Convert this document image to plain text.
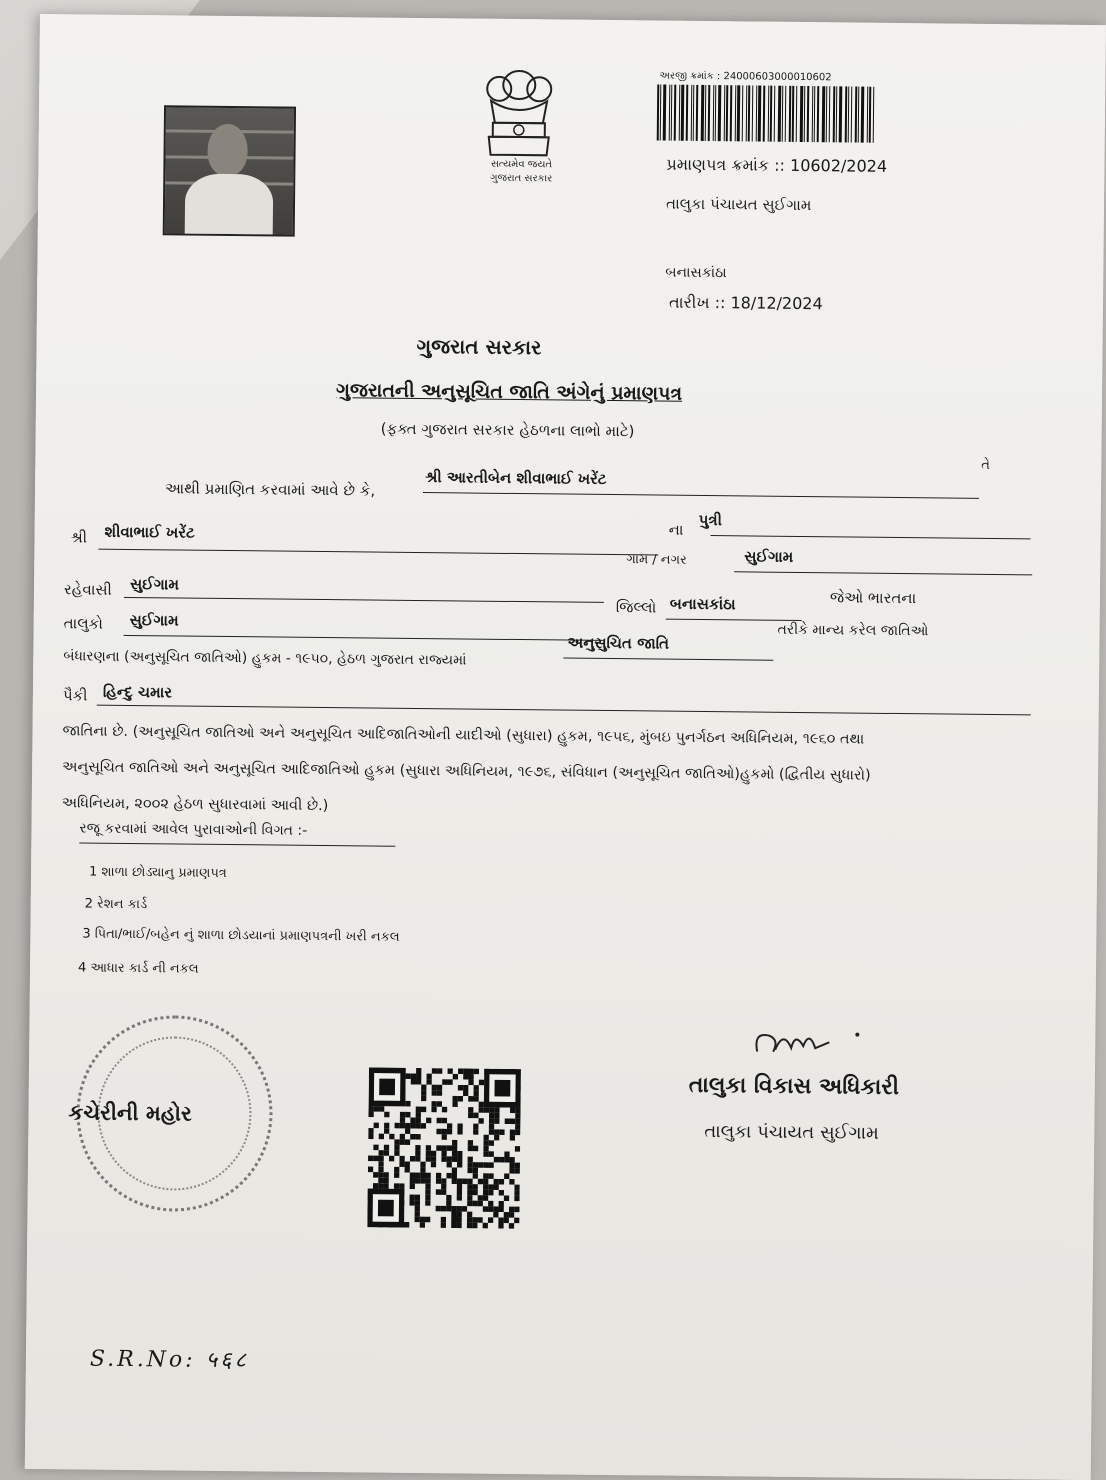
સત્યમેવ જયતે
ગુજરાત સરકાર
અરજી ક્રમાંક : 24000603000010602
પ્રમાણપત્ર ક્રમાંક :: 10602/2024
તાલુકા પંચાયત સુઈગામ
બનાસકાંઠા
તારીખ :: 18/12/2024
ગુજરાત સરકાર
ગુજરાતની અનુસૂચિત જાતિ અંગેનું પ્રમાણપત્ર
(ફક્ત ગુજરાત સરકાર હેઠળના લાભો માટે)
આથી પ્રમાણિત કરવામાં આવે છે કે,
શ્રી આરતીબેન શીવાભાઈ ખરેંટ
તે
શ્રી શીવાભાઈ ખરેંટ	ના
પુત્રી
ગામ / નગર	સુઈગામ
રહેવાસી સુઈગામ
જિલ્લો બનાસકાંઠા	જેઓ ભારતના
તાલુકો સુઈગામ
બંધારણના (અનુસૂચિત જાતિઓ) હુકમ - ૧૯૫૦, હેઠળ ગુજરાત રાજ્યમાં
અનુસુચિત જાતિ
તરીકે માન્ય કરેલ જાતિઓ
પૈકી હિન્દુ ચમાર
જાતિના છે. (અનુસૂચિત જાતિઓ અને અનુસૂચિત આદિજાતિઓની યાદીઓ (સુધારા) હુકમ, ૧૯૫૬, મુંબઇ પુનર્ગઠન અધિનિયમ, ૧૯૬૦ તથા
અનુસૂચિત જાતિઓ અને અનુસૂચિત આદિજાતિઓ હુકમ (સુધારા અધિનિયમ, ૧૯૭૬, સંવિધાન (અનુસૂચિત જાતિઓ)હુકમો (દ્વિતીય સુધારો)
અધિનિયમ, ૨૦૦૨ હેઠળ સુધારવામાં આવી છે.)
રજૂ કરવામાં આવેલ પુરાવાઓની વિગત :-
1 શાળા છોડ્યાનુ પ્રમાણપત્ર
2 રેશન કાર્ડ
3 પિતા/ભાઈ/બહેન નું શાળા છોડયાનાં પ્રમાણપત્રની ખરી નકલ
4 આધાર કાર્ડ ની નકલ
કચેરીની મહોર
તાલુકા વિકાસ અધિકારી
તાલુકા પંચાયત સુઈગામ
S.R.No: ५६८
